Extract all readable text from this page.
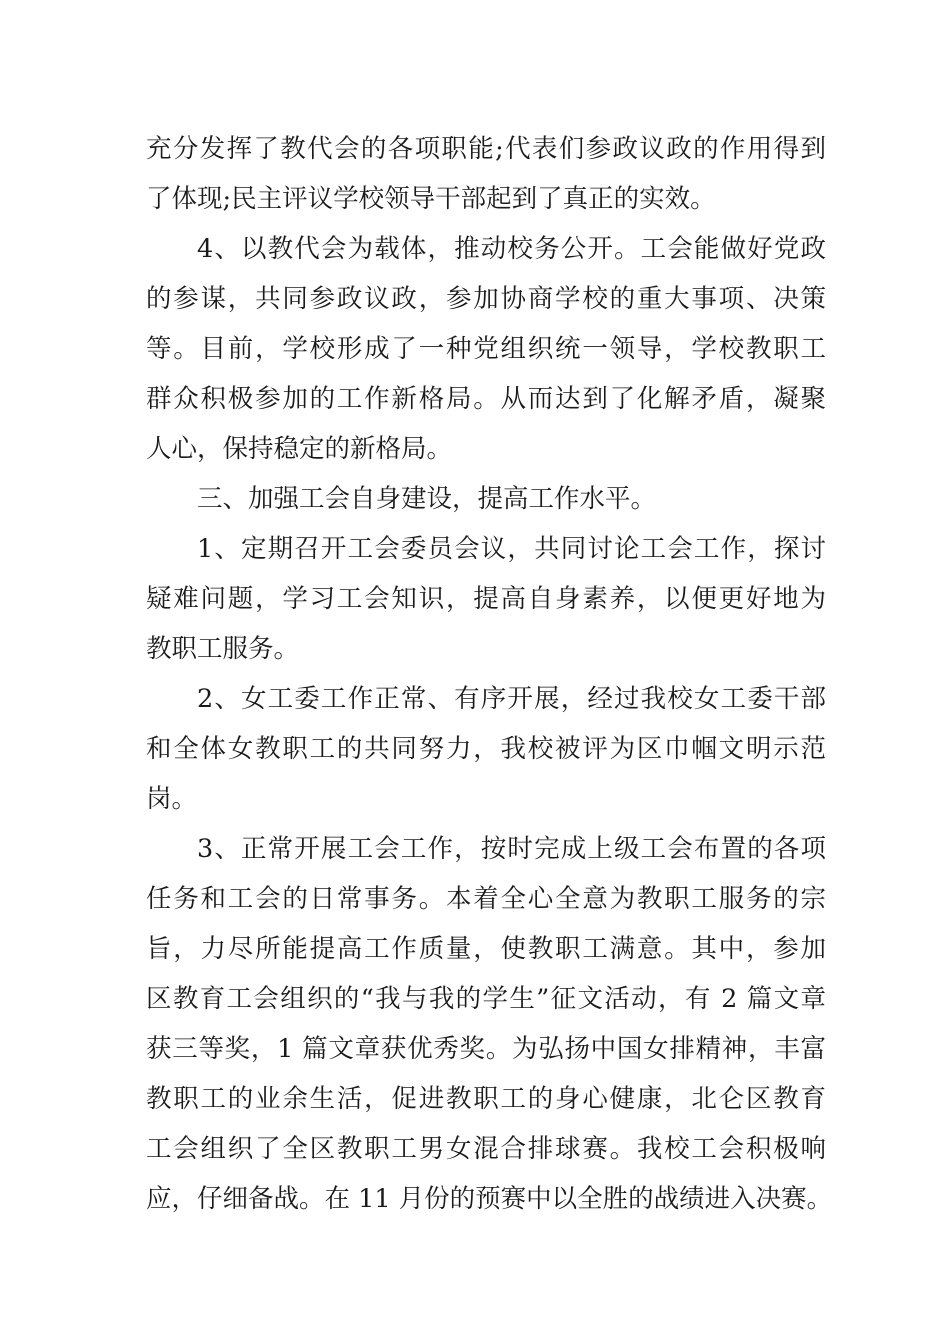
充分发挥了教代会的各项职能;代表们参政议政的作用得到
了体现;民主评议学校领导干部起到了真正的实效。
4、以教代会为载体，推动校务公开。工会能做好党政
的参谋，共同参政议政，参加协商学校的重大事项、决策
等。目前，学校形成了一种党组织统一领导，学校教职工
群众积极参加的工作新格局。从而达到了化解矛盾，凝聚
人心，保持稳定的新格局。
三、加强工会自身建设，提高工作水平。
1、定期召开工会委员会议，共同讨论工会工作，探讨
疑难问题，学习工会知识，提高自身素养，以便更好地为
教职工服务。
2、女工委工作正常、有序开展，经过我校女工委干部
和全体女教职工的共同努力，我校被评为区巾帼文明示范
岗。
3、正常开展工会工作，按时完成上级工会布置的各项
任务和工会的日常事务。本着全心全意为教职工服务的宗
旨，力尽所能提高工作质量，使教职工满意。其中，参加
区教育工会组织的“我与我的学生”征文活动，有 2 篇文章
获三等奖，1 篇文章获优秀奖。为弘扬中国女排精神，丰富
教职工的业余生活，促进教职工的身心健康，北仑区教育
工会组织了全区教职工男女混合排球赛。我校工会积极响
应，仔细备战。在 11 月份的预赛中以全胜的战绩进入决赛。
